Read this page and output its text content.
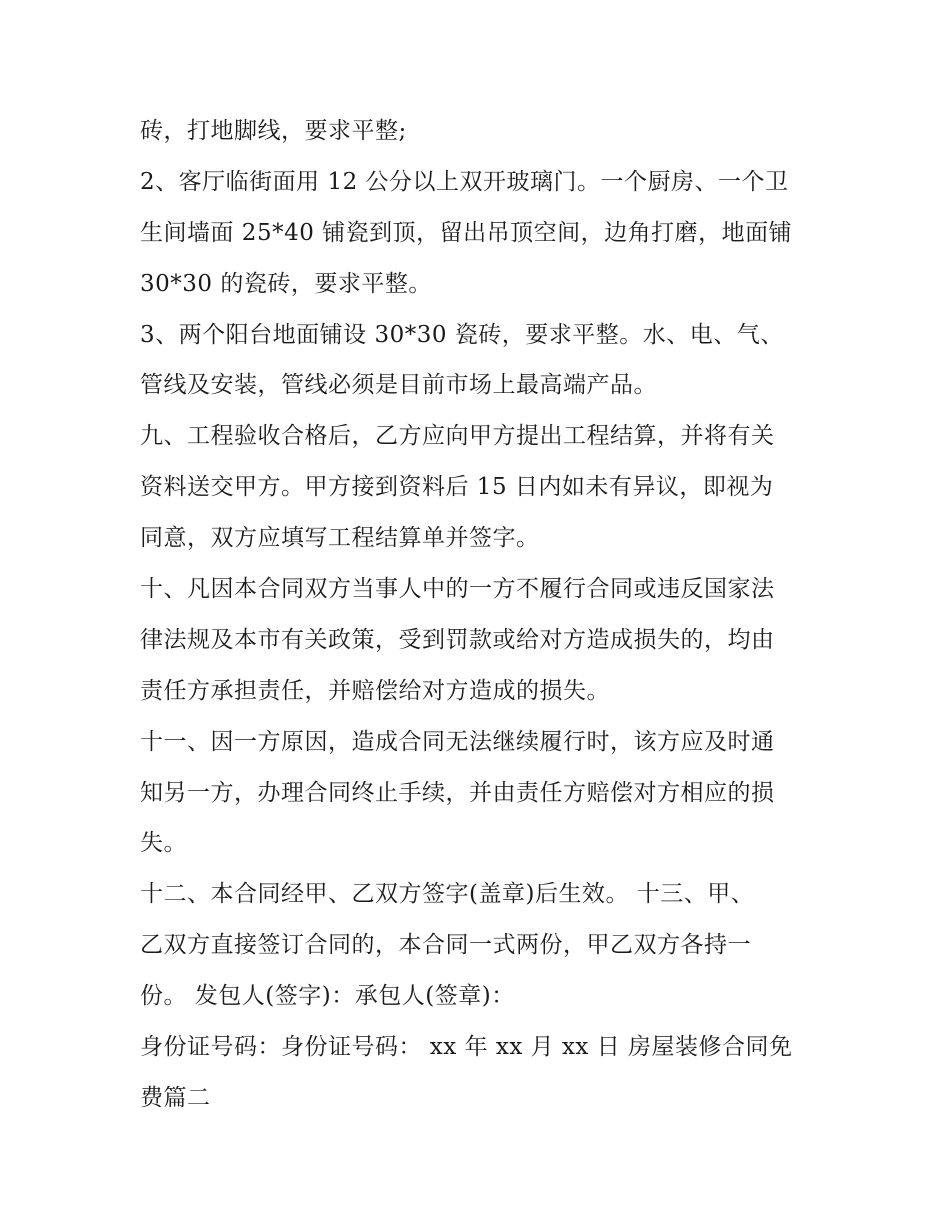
砖，打地脚线，要求平整;
2、客厅临街面用 12 公分以上双开玻璃门。一个厨房、一个卫
生间墙面 25*40 铺瓷到顶，留出吊顶空间，边角打磨，地面铺
30*30 的瓷砖，要求平整。
3、两个阳台地面铺设 30*30 瓷砖，要求平整。水、电、气、
管线及安装，管线必须是目前市场上最高端产品。
九、工程验收合格后，乙方应向甲方提出工程结算，并将有关
资料送交甲方。甲方接到资料后 15 日内如未有异议，即视为
同意，双方应填写工程结算单并签字。
十、凡因本合同双方当事人中的一方不履行合同或违反国家法
律法规及本市有关政策，受到罚款或给对方造成损失的，均由
责任方承担责任，并赔偿给对方造成的损失。
十一、因一方原因，造成合同无法继续履行时，该方应及时通
知另一方，办理合同终止手续，并由责任方赔偿对方相应的损
失。
十二、本合同经甲、乙双方签字(盖章)后生效。 十三、甲、
乙双方直接签订合同的，本合同一式两份，甲乙双方各持一
份。 发包人(签字)：承包人(签章)：
身份证号码：身份证号码： xx 年 xx 月 xx 日 房屋装修合同免
费篇二
